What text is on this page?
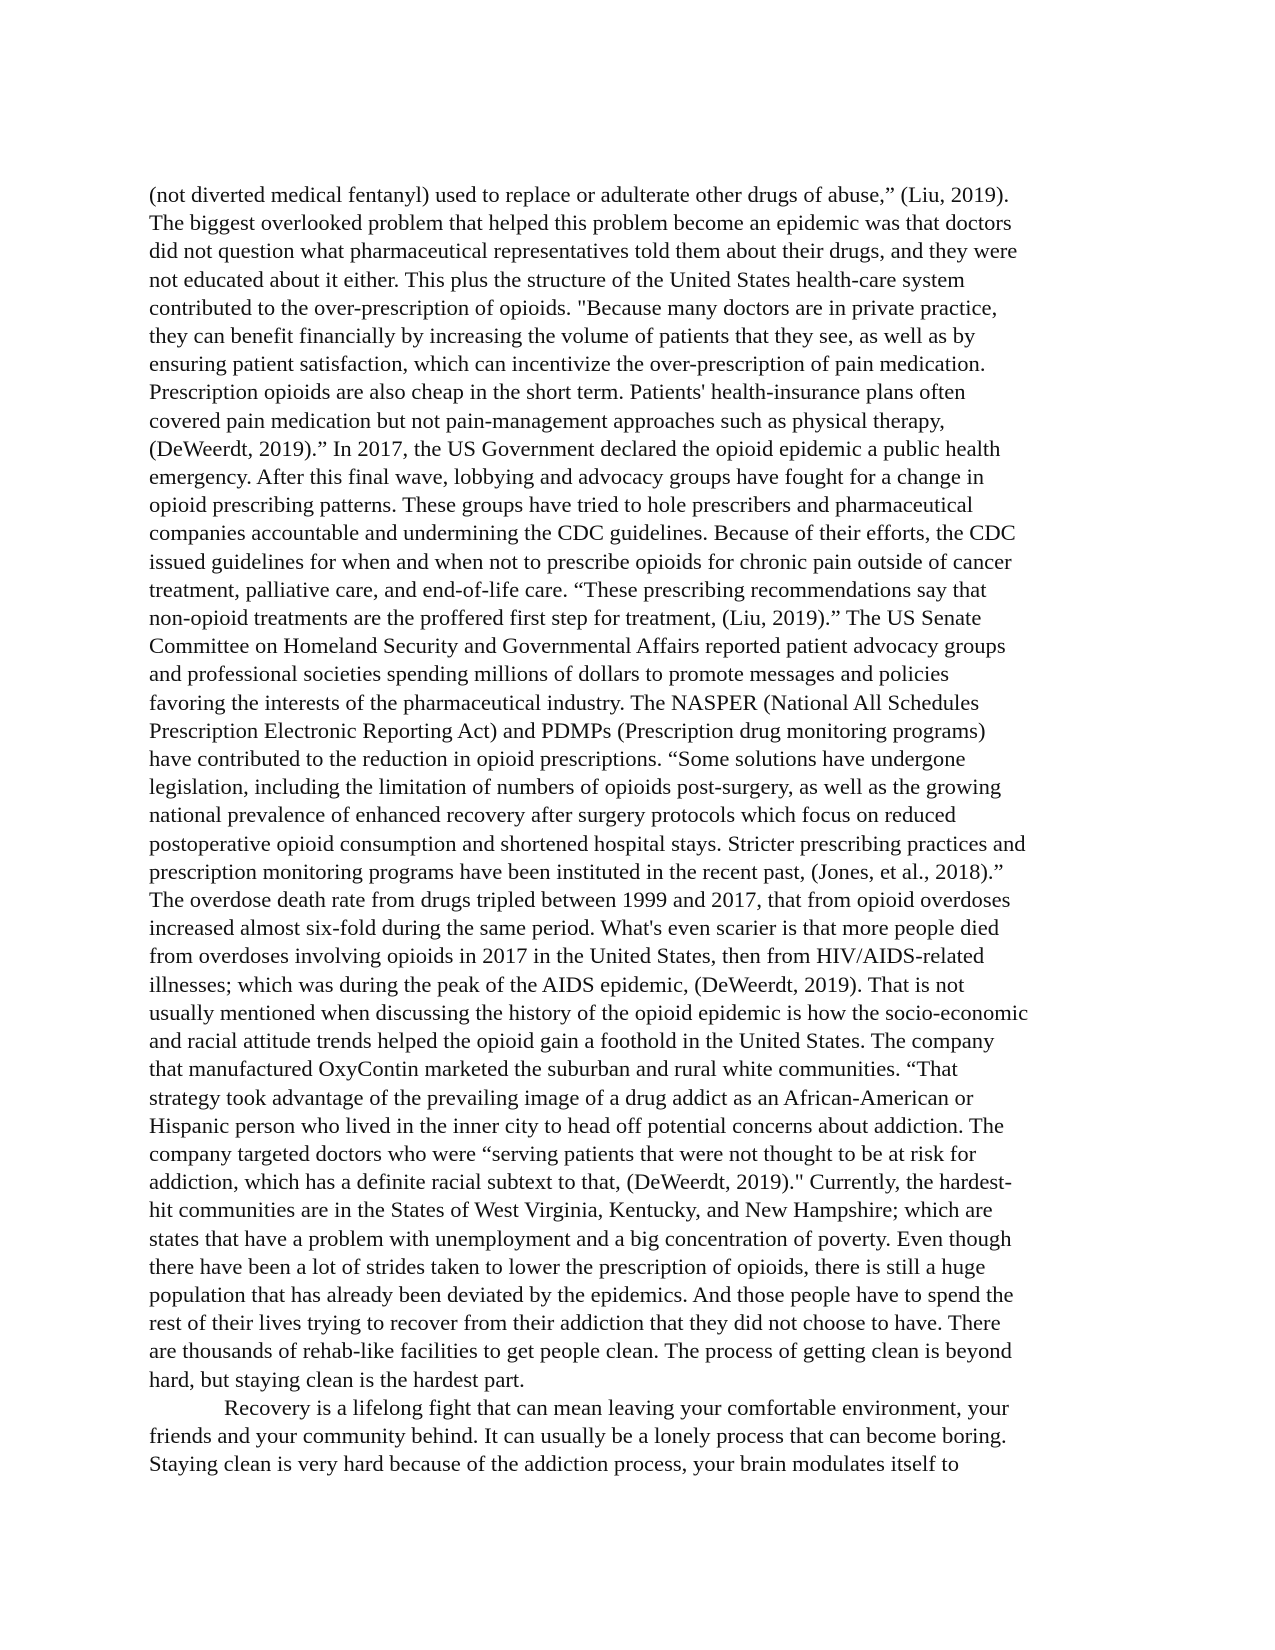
(not diverted medical fentanyl) used to replace or adulterate other drugs of abuse,” (Liu, 2019).
The biggest overlooked problem that helped this problem become an epidemic was that doctors
did not question what pharmaceutical representatives told them about their drugs, and they were
not educated about it either. This plus the structure of the United States health-care system
contributed to the over-prescription of opioids. "Because many doctors are in private practice,
they can benefit financially by increasing the volume of patients that they see, as well as by
ensuring patient satisfaction, which can incentivize the over-prescription of pain medication.
Prescription opioids are also cheap in the short term. Patients' health-insurance plans often
covered pain medication but not pain-management approaches such as physical therapy,
(DeWeerdt, 2019).” In 2017, the US Government declared the opioid epidemic a public health
emergency. After this final wave, lobbying and advocacy groups have fought for a change in
opioid prescribing patterns. These groups have tried to hole prescribers and pharmaceutical
companies accountable and undermining the CDC guidelines. Because of their efforts, the CDC
issued guidelines for when and when not to prescribe opioids for chronic pain outside of cancer
treatment, palliative care, and end-of-life care. “These prescribing recommendations say that
non-opioid treatments are the proffered first step for treatment, (Liu, 2019).” The US Senate
Committee on Homeland Security and Governmental Affairs reported patient advocacy groups
and professional societies spending millions of dollars to promote messages and policies
favoring the interests of the pharmaceutical industry. The NASPER (National All Schedules
Prescription Electronic Reporting Act) and PDMPs (Prescription drug monitoring programs)
have contributed to the reduction in opioid prescriptions. “Some solutions have undergone
legislation, including the limitation of numbers of opioids post-surgery, as well as the growing
national prevalence of enhanced recovery after surgery protocols which focus on reduced
postoperative opioid consumption and shortened hospital stays. Stricter prescribing practices and
prescription monitoring programs have been instituted in the recent past, (Jones, et al., 2018).”
The overdose death rate from drugs tripled between 1999 and 2017, that from opioid overdoses
increased almost six-fold during the same period. What's even scarier is that more people died
from overdoses involving opioids in 2017 in the United States, then from HIV/AIDS-related
illnesses; which was during the peak of the AIDS epidemic, (DeWeerdt, 2019). That is not
usually mentioned when discussing the history of the opioid epidemic is how the socio-economic
and racial attitude trends helped the opioid gain a foothold in the United States. The company
that manufactured OxyContin marketed the suburban and rural white communities. “That
strategy took advantage of the prevailing image of a drug addict as an African-American or
Hispanic person who lived in the inner city to head off potential concerns about addiction. The
company targeted doctors who were “serving patients that were not thought to be at risk for
addiction, which has a definite racial subtext to that, (DeWeerdt, 2019)." Currently, the hardest-
hit communities are in the States of West Virginia, Kentucky, and New Hampshire; which are
states that have a problem with unemployment and a big concentration of poverty. Even though
there have been a lot of strides taken to lower the prescription of opioids, there is still a huge
population that has already been deviated by the epidemics. And those people have to spend the
rest of their lives trying to recover from their addiction that they did not choose to have. There
are thousands of rehab-like facilities to get people clean. The process of getting clean is beyond
hard, but staying clean is the hardest part.
Recovery is a lifelong fight that can mean leaving your comfortable environment, your
friends and your community behind. It can usually be a lonely process that can become boring.
Staying clean is very hard because of the addiction process, your brain modulates itself to
